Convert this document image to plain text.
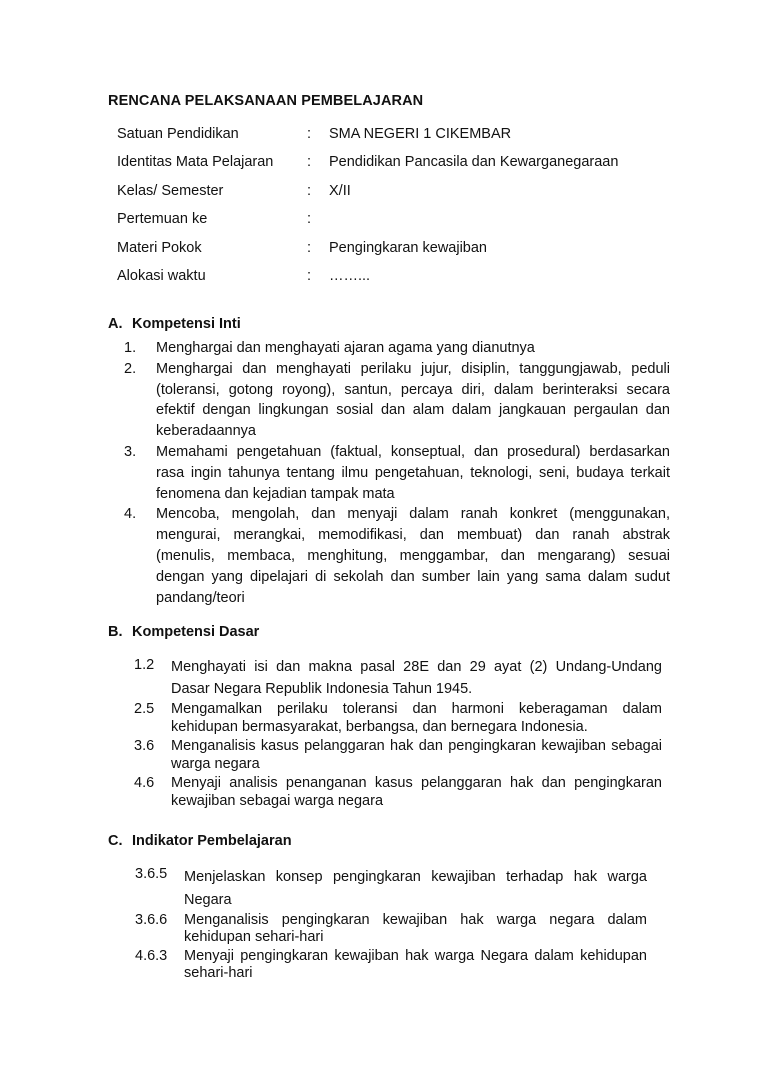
RENCANA PELAKSANAAN PEMBELAJARAN
Satuan Pendidikan	:	SMA NEGERI 1 CIKEMBAR
Identitas Mata Pelajaran	:	Pendidikan Pancasila dan Kewarganegaraan
Kelas/ Semester	:	X/II
Pertemuan ke	:
Materi Pokok	:	Pengingkaran kewajiban
Alokasi waktu	:	……...
A. Kompetensi Inti
1.	Menghargai dan menghayati ajaran agama yang dianutnya
2.	Menghargai dan menghayati perilaku jujur, disiplin, tanggungjawab, peduli (toleransi, gotong royong), santun, percaya diri, dalam berinteraksi secara efektif dengan lingkungan sosial dan alam dalam jangkauan pergaulan dan keberadaannya
3.	Memahami pengetahuan (faktual, konseptual, dan prosedural) berdasarkan rasa ingin tahunya tentang ilmu pengetahuan, teknologi, seni, budaya terkait fenomena dan kejadian tampak mata
4.	Mencoba, mengolah, dan menyaji dalam ranah konkret (menggunakan, mengurai, merangkai, memodifikasi, dan membuat) dan ranah abstrak (menulis, membaca, menghitung, menggambar, dan mengarang) sesuai dengan yang dipelajari di sekolah dan sumber lain yang sama dalam sudut pandang/teori
B. Kompetensi Dasar
1.2	Menghayati isi dan makna pasal 28E dan 29 ayat (2) Undang-Undang Dasar Negara Republik Indonesia Tahun 1945.
2.5	Mengamalkan perilaku toleransi dan harmoni keberagaman dalam kehidupan bermasyarakat, berbangsa, dan bernegara Indonesia.
3.6	Menganalisis kasus pelanggaran hak dan pengingkaran kewajiban sebagai warga negara
4.6	Menyaji analisis penanganan kasus pelanggaran hak dan pengingkaran kewajiban sebagai warga negara
C. Indikator Pembelajaran
3.6.5	Menjelaskan konsep pengingkaran kewajiban terhadap hak warga Negara
3.6.6	Menganalisis pengingkaran kewajiban hak warga negara dalam kehidupan sehari-hari
4.6.3	Menyaji pengingkaran kewajiban hak warga Negara dalam kehidupan sehari-hari
